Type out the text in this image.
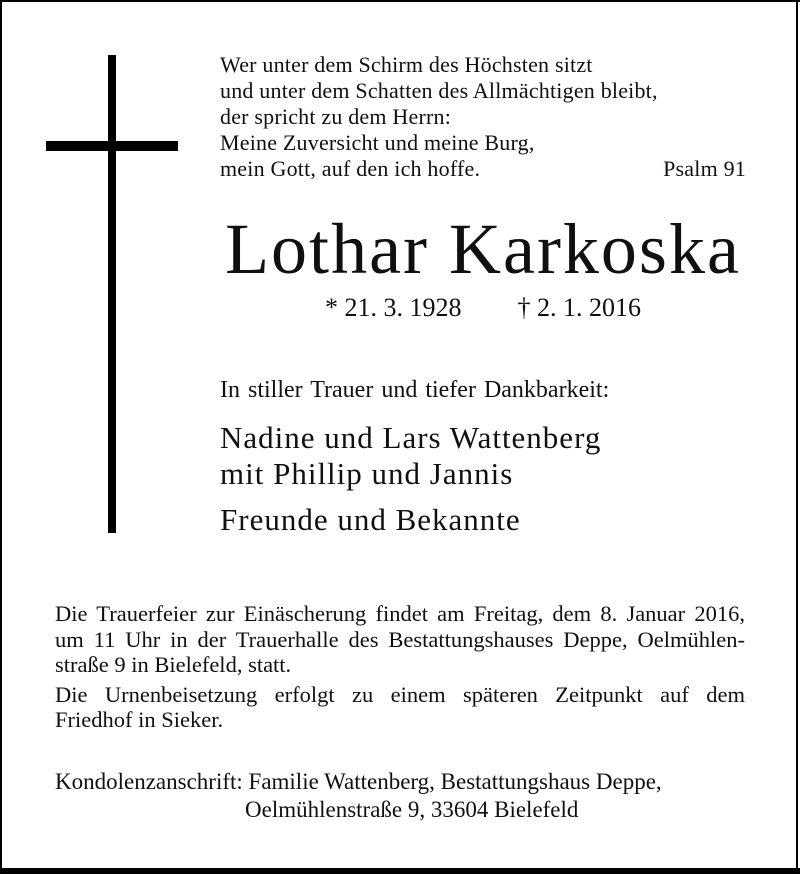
Wer unter dem Schirm des Höchsten sitzt
und unter dem Schatten des Allmächtigen bleibt,
der spricht zu dem Herrn:
Meine Zuversicht und meine Burg,
mein Gott, auf den ich hoffe.	Psalm 91
Lothar Karkoska
* 21. 3. 1928 † 2. 1. 2016
In stiller Trauer und tiefer Dankbarkeit:
Nadine und Lars Wattenberg
mit Phillip und Jannis
Freunde und Bekannte
Die Trauerfeier zur Einäscherung findet am Freitag, dem 8. Januar 2016,
um 11 Uhr in der Trauerhalle des Bestattungshauses Deppe, Oelmühlen-
straße 9 in Bielefeld, statt.
Die Urnenbeisetzung erfolgt zu einem späteren Zeitpunkt auf dem
Friedhof in Sieker.
Kondolenzanschrift: Familie Wattenberg, Bestattungshaus Deppe,
Oelmühlenstraße 9, 33604 Bielefeld
